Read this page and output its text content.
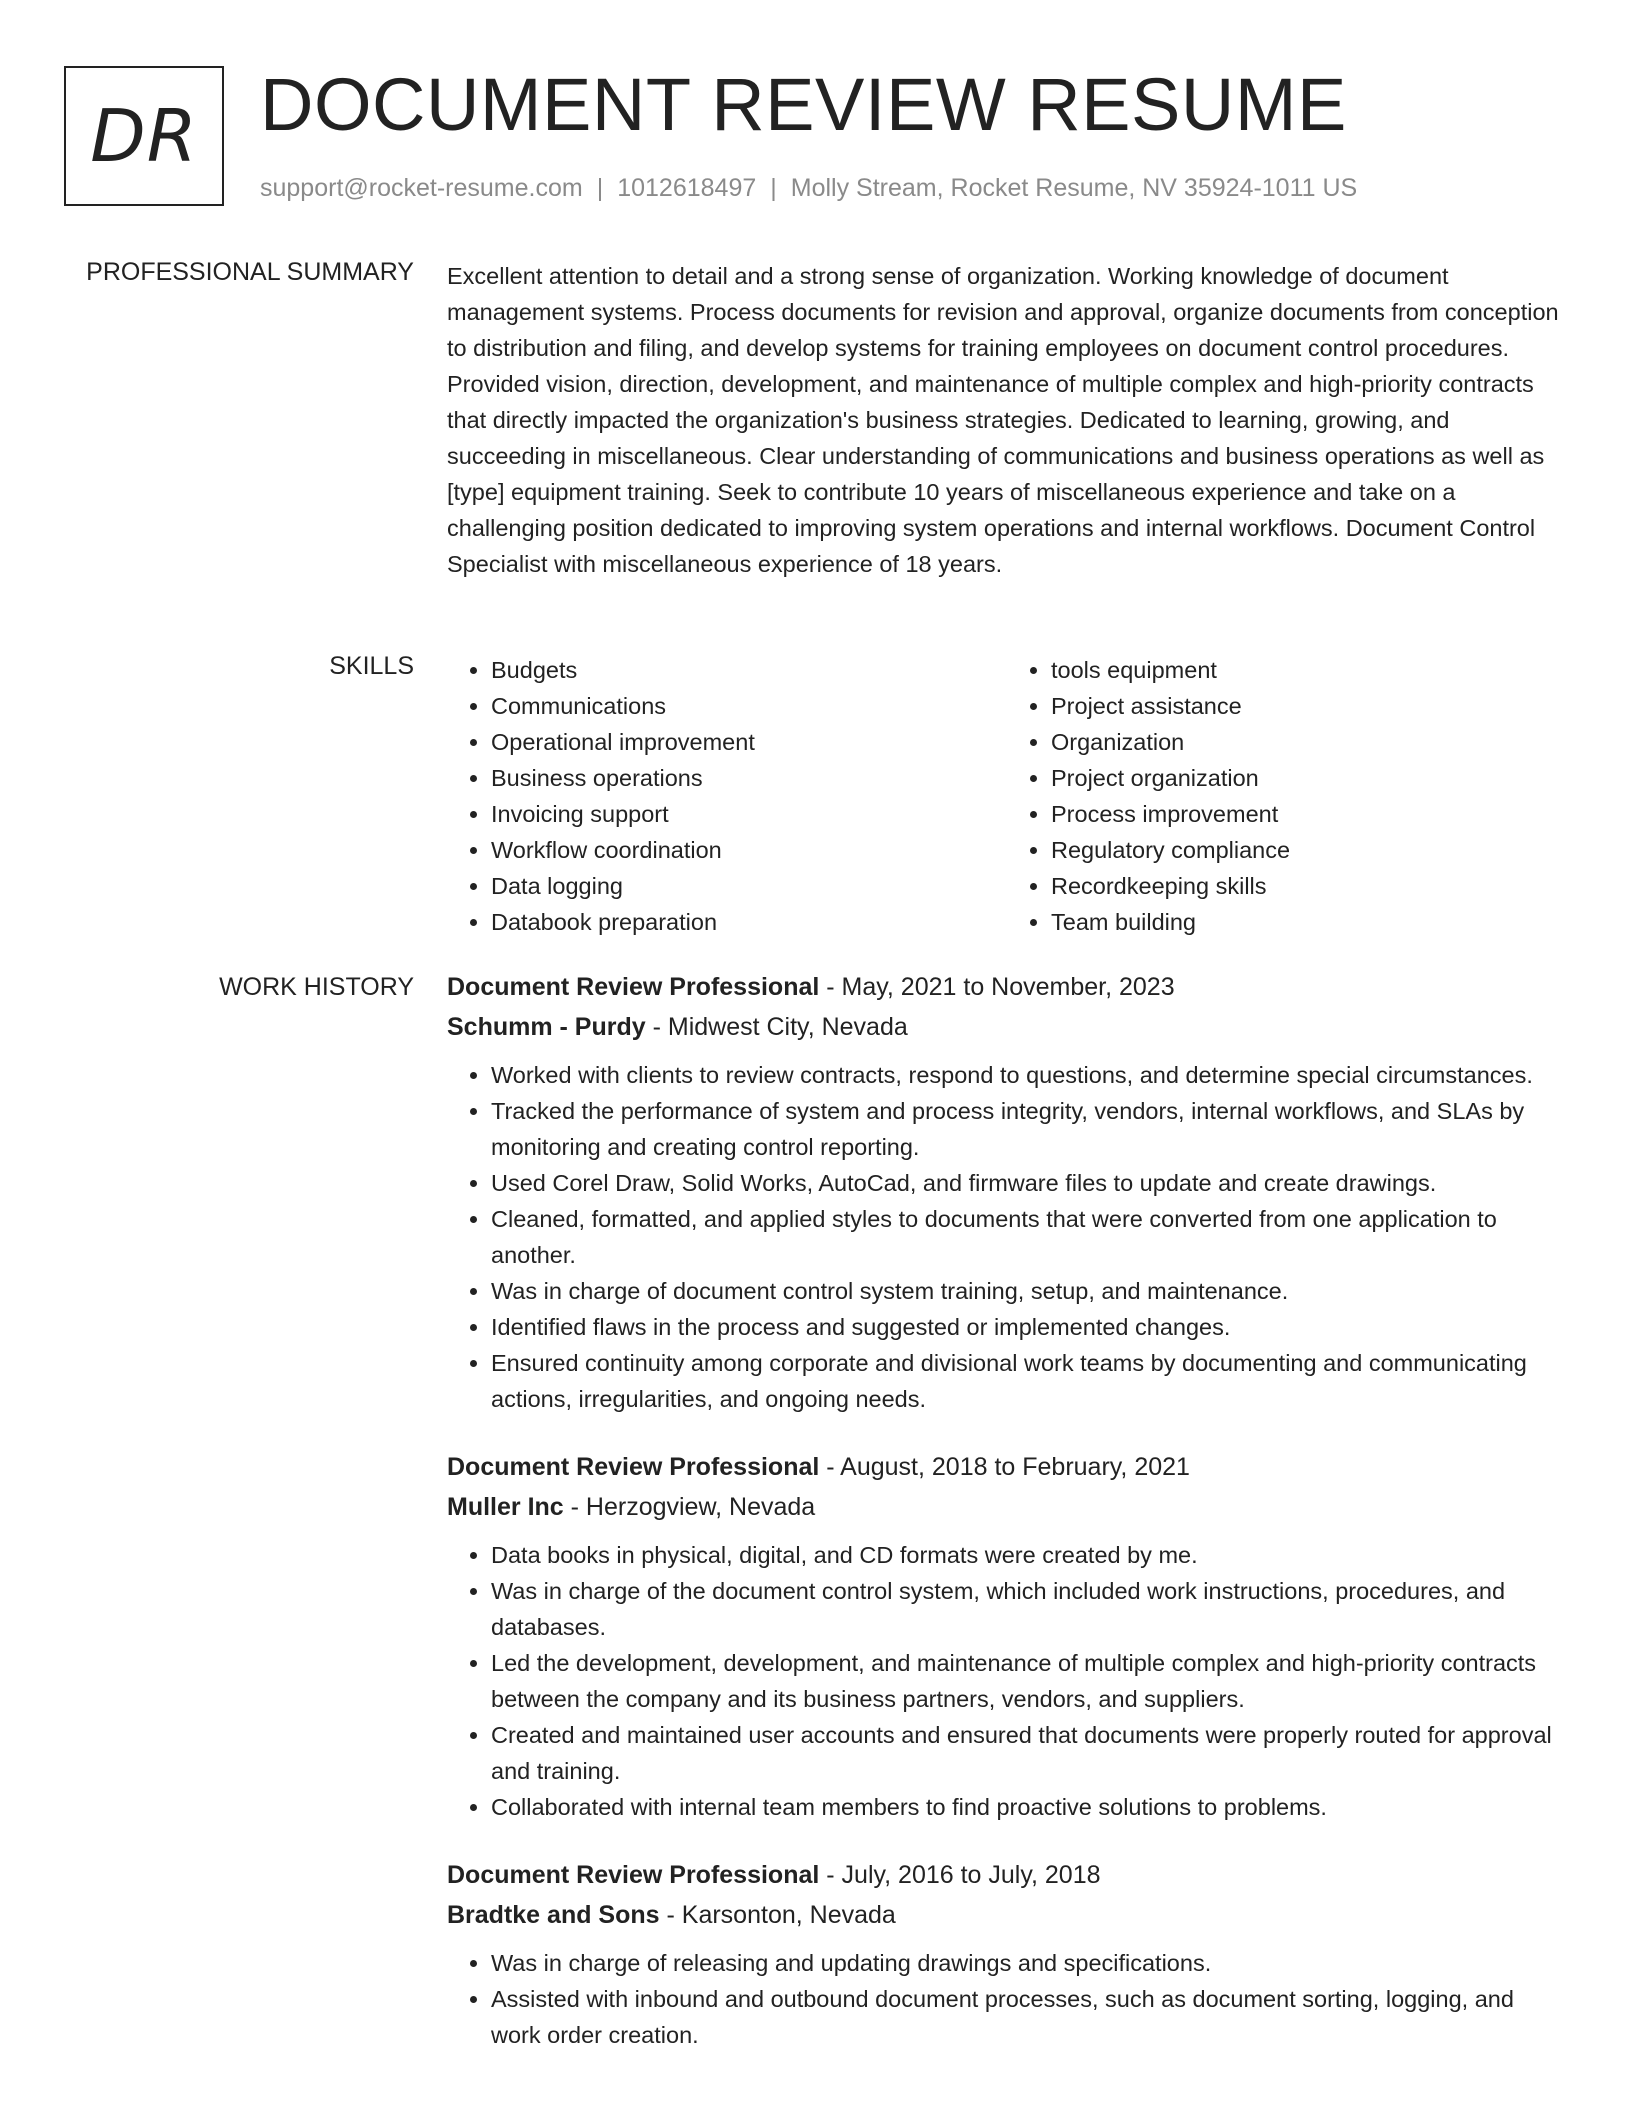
DR DOCUMENT REVIEW RESUME
support@rocket-resume.com | 1012618497 | Molly Stream, Rocket Resume, NV 35924-1011 US
PROFESSIONAL SUMMARY Excellent attention to detail and a strong sense of organization. Working knowledge of document management systems. Process documents for revision and approval, organize documents from conception to distribution and filing, and develop systems for training employees on document control procedures. Provided vision, direction, development, and maintenance of multiple complex and high-priority contracts that directly impacted the organization's business strategies. Dedicated to learning, growing, and succeeding in miscellaneous. Clear understanding of communications and business operations as well as [type] equipment training. Seek to contribute 10 years of miscellaneous experience and take on a challenging position dedicated to improving system operations and internal workflows. Document Control Specialist with miscellaneous experience of 18 years.

SKILLS
•	Budgets
• Communications
• Operational improvement
• Business operations
• Invoicing support
• Workflow coordination
• Data logging
• Databook preparation
• tools equipment
• Project assistance
• Organization
• Project organization
• Process improvement
• Regulatory compliance
• Recordkeeping skills
• Team building
WORK HISTORY Document Review Professional - May, 2021 to November, 2023
Schumm - Purdy - Midwest City, Nevada
• Worked with clients to review contracts, respond to questions, and determine special circumstances.
• Tracked the performance of system and process integrity, vendors, internal workflows, and SLAs by monitoring and creating control reporting.
• Used Corel Draw, Solid Works, AutoCad, and firmware files to update and create drawings.
• Cleaned, formatted, and applied styles to documents that were converted from one application to another.
• Was in charge of document control system training, setup, and maintenance.
• Identified flaws in the process and suggested or implemented changes.
• Ensured continuity among corporate and divisional work teams by documenting and communicating actions, irregularities, and ongoing needs.
Document Review Professional - August, 2018 to February, 2021
Muller Inc - Herzogview, Nevada
• Data books in physical, digital, and CD formats were created by me.
• Was in charge of the document control system, which included work instructions, procedures, and databases.
• Led the development, development, and maintenance of multiple complex and high-priority contracts between the company and its business partners, vendors, and suppliers.
• Created and maintained user accounts and ensured that documents were properly routed for approval and training.
• Collaborated with internal team members to find proactive solutions to problems.
Document Review Professional - July, 2016 to July, 2018
Bradtke and Sons - Karsonton, Nevada
• Was in charge of releasing and updating drawings and specifications.
• Assisted with inbound and outbound document processes, such as document sorting, logging, and work order creation.
